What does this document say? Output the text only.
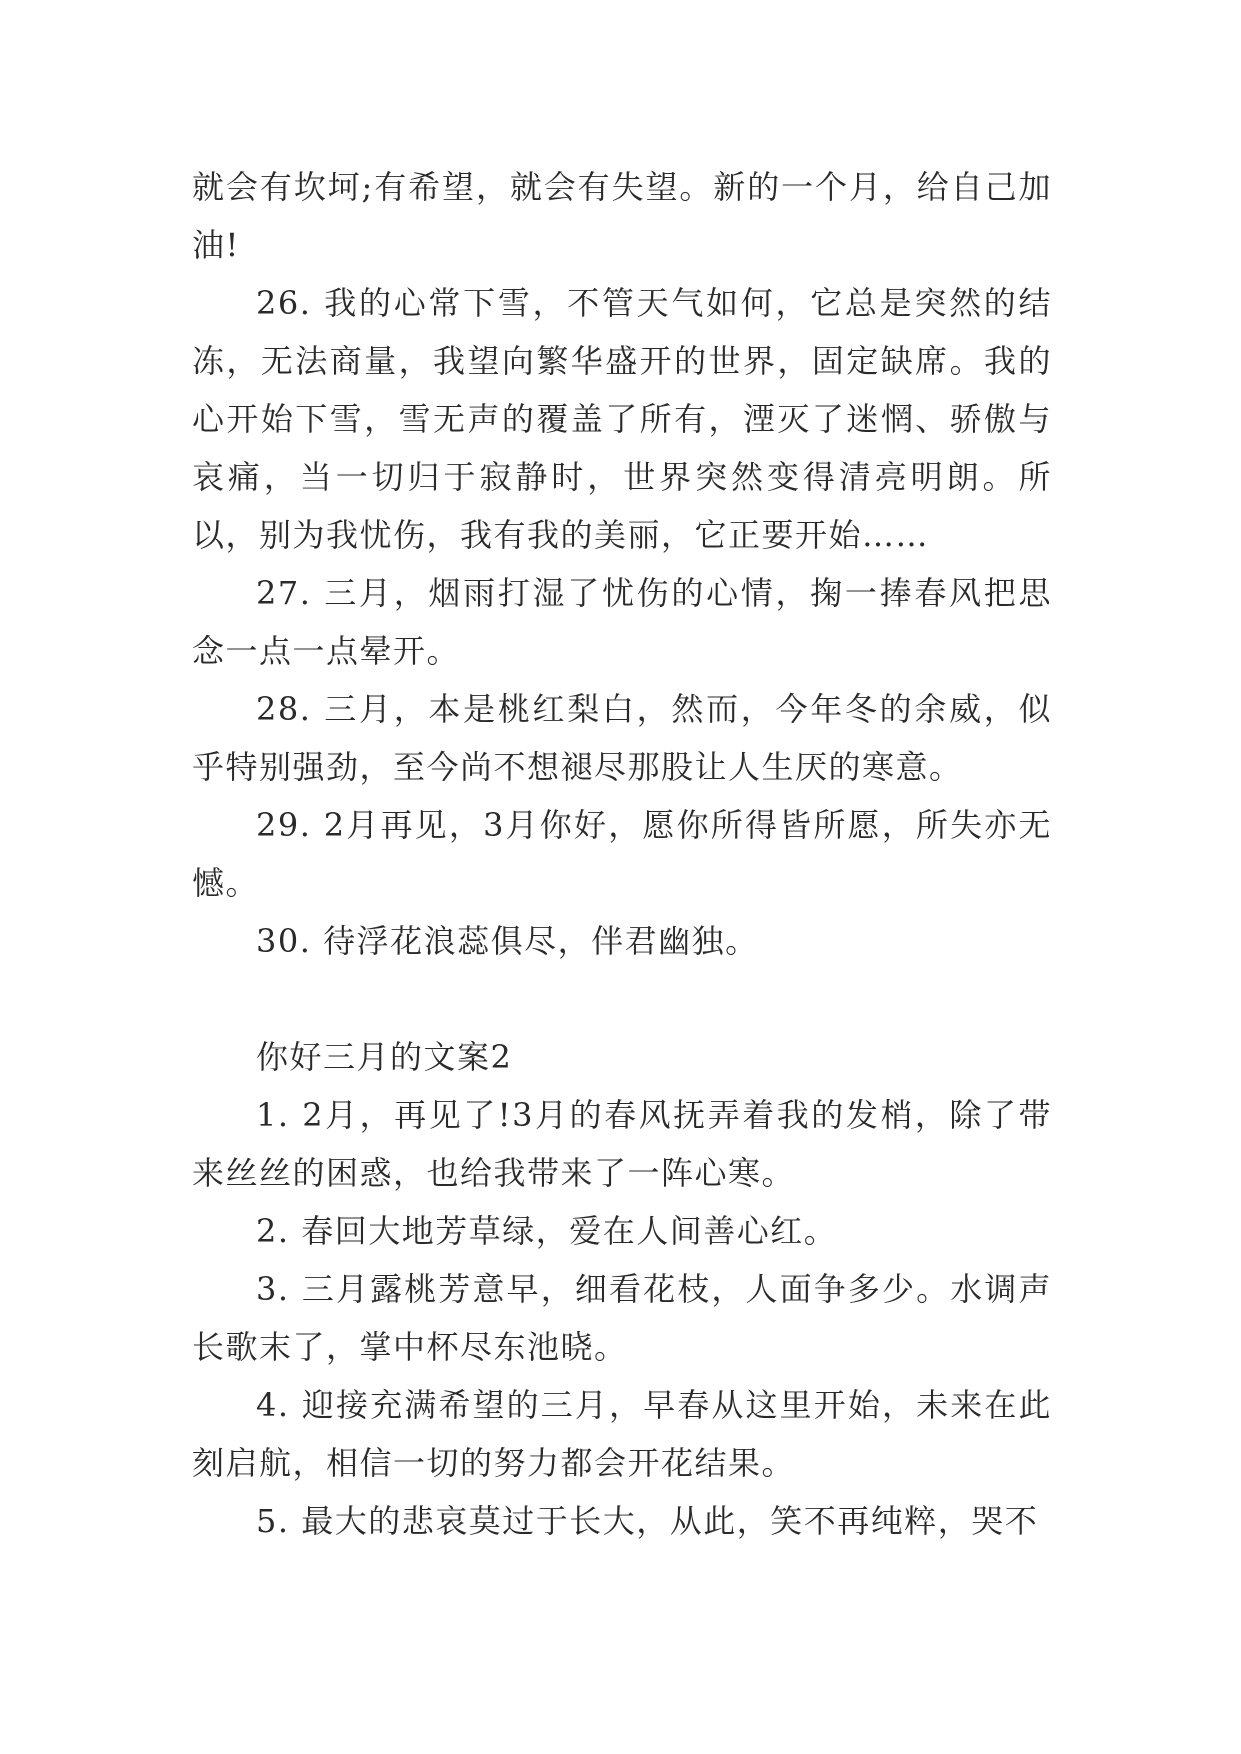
就会有坎坷;有希望，就会有失望。新的一个月，给自己加油!

26. 我的心常下雪，不管天气如何，它总是突然的结冻，无法商量，我望向繁华盛开的世界，固定缺席。我的心开始下雪，雪无声的覆盖了所有，湮灭了迷惘、骄傲与哀痛，当一切归于寂静时，世界突然变得清亮明朗。所以，别为我忧伤，我有我的美丽，它正要开始……

27. 三月，烟雨打湿了忧伤的心情，掬一捧春风把思念一点一点晕开。

28. 三月，本是桃红梨白，然而，今年冬的余威，似乎特别强劲，至今尚不想褪尽那股让人生厌的寒意。

29. 2月再见，3月你好，愿你所得皆所愿，所失亦无憾。

30. 待浮花浪蕊俱尽，伴君幽独。

你好三月的文案2

1. 2月，再见了!3月的春风抚弄着我的发梢，除了带来丝丝的困惑，也给我带来了一阵心寒。

2. 春回大地芳草绿，爱在人间善心红。

3. 三月露桃芳意早，细看花枝，人面争多少。水调声长歌末了，掌中杯尽东池晓。

4. 迎接充满希望的三月，早春从这里开始，未来在此刻启航，相信一切的努力都会开花结果。

5. 最大的悲哀莫过于长大，从此，笑不再纯粹，哭不
